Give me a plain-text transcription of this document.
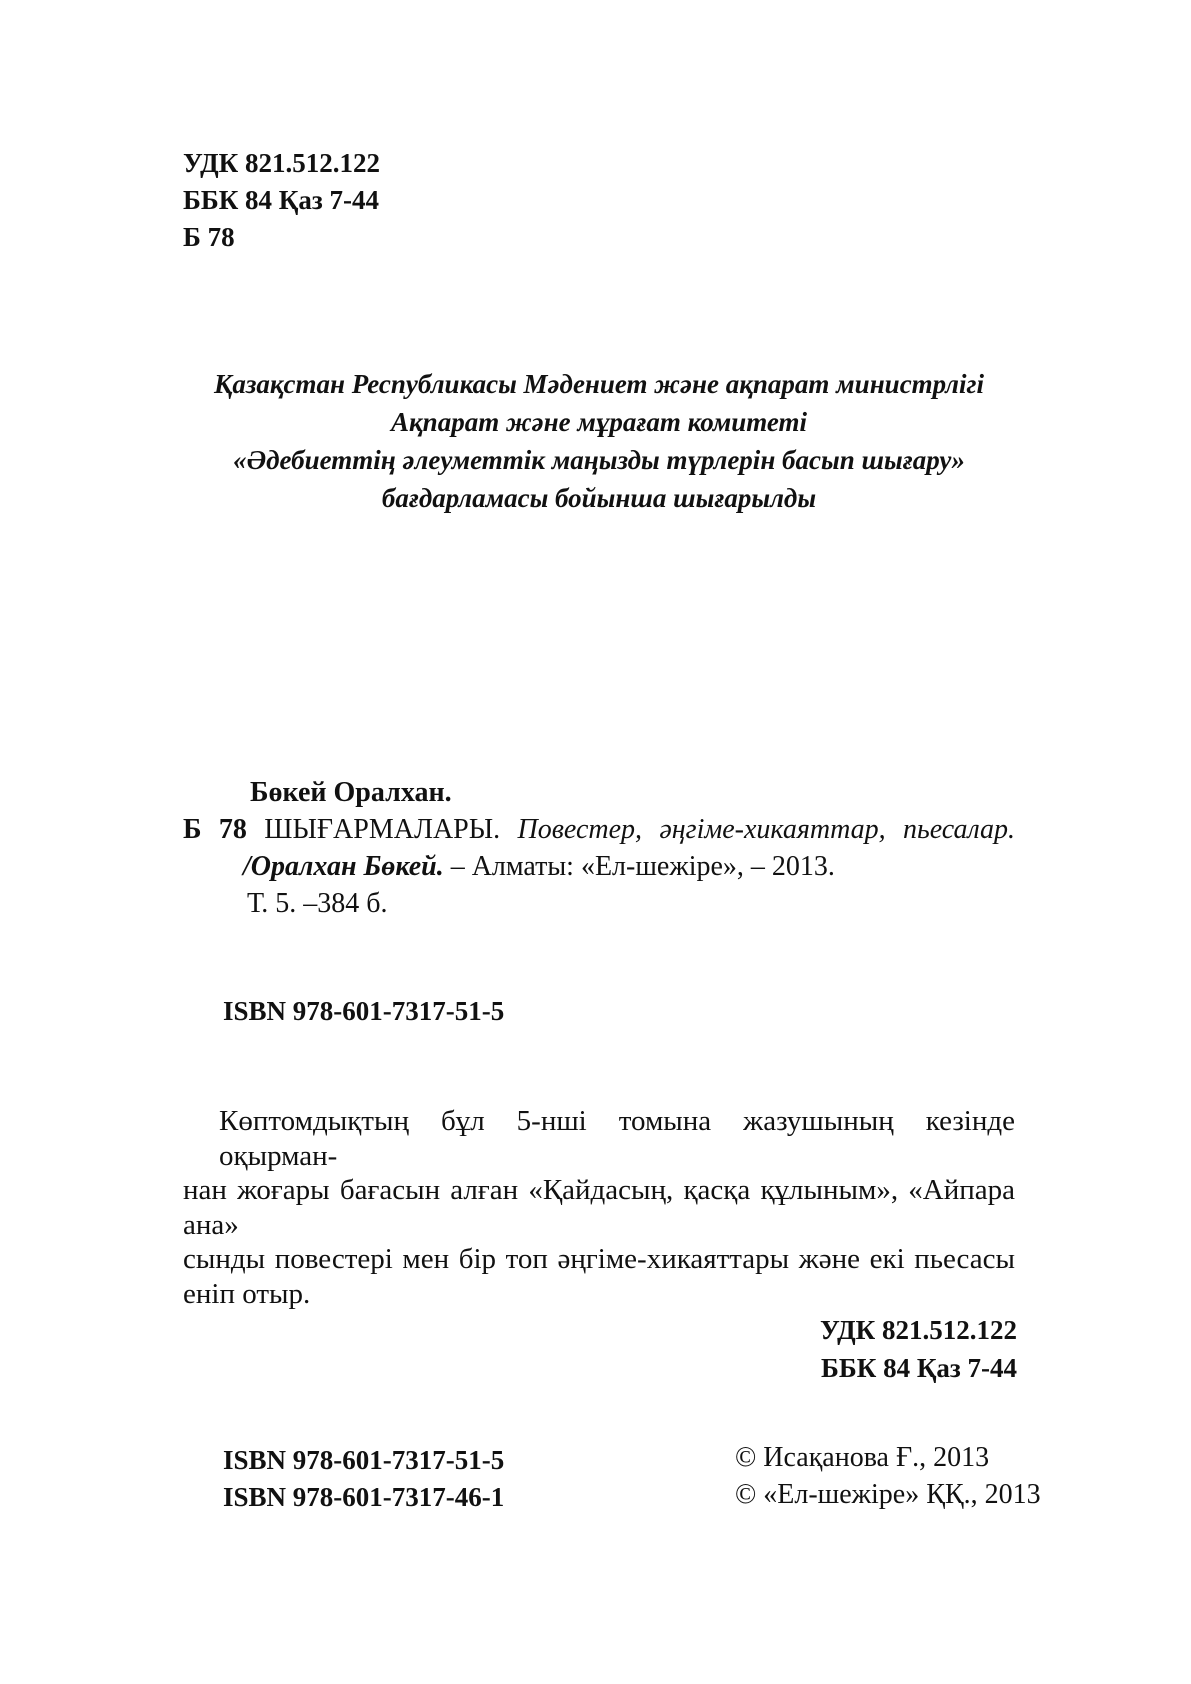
УДК 821.512.122
ББК 84 Қаз 7-44
Б 78
Қазақстан Республикасы Мәдениет және ақпарат министрлігі
Ақпарат және мұрағат комитеті
«Әдебиеттің әлеуметтік маңызды түрлерін басып шығару»
бағдарламасы бойынша шығарылды
Бөкей Оралхан.
Б 78 ШЫҒАРМАЛАРЫ. Повестер, әңгіме-хикаяттар, пьесалар.
/Оралхан Бөкей. – Алматы: «Ел-шежіре», – 2013.
Т. 5. –384 б.
ISBN 978-601-7317-51-5
Көптомдықтың бұл 5-нші томына жазушының кезінде оқырман-
нан жоғары бағасын алған «Қайдасың, қасқа құлыным», «Айпара ана»
сынды повестері мен бір топ әңгіме-хикаяттары және екі пьесасы
еніп отыр.
УДК 821.512.122
ББК 84 Қаз 7-44
ISBN 978-601-7317-51-5
ISBN 978-601-7317-46-1
© Исақанова Ғ., 2013
© «Ел-шежіре» ҚҚ., 2013
